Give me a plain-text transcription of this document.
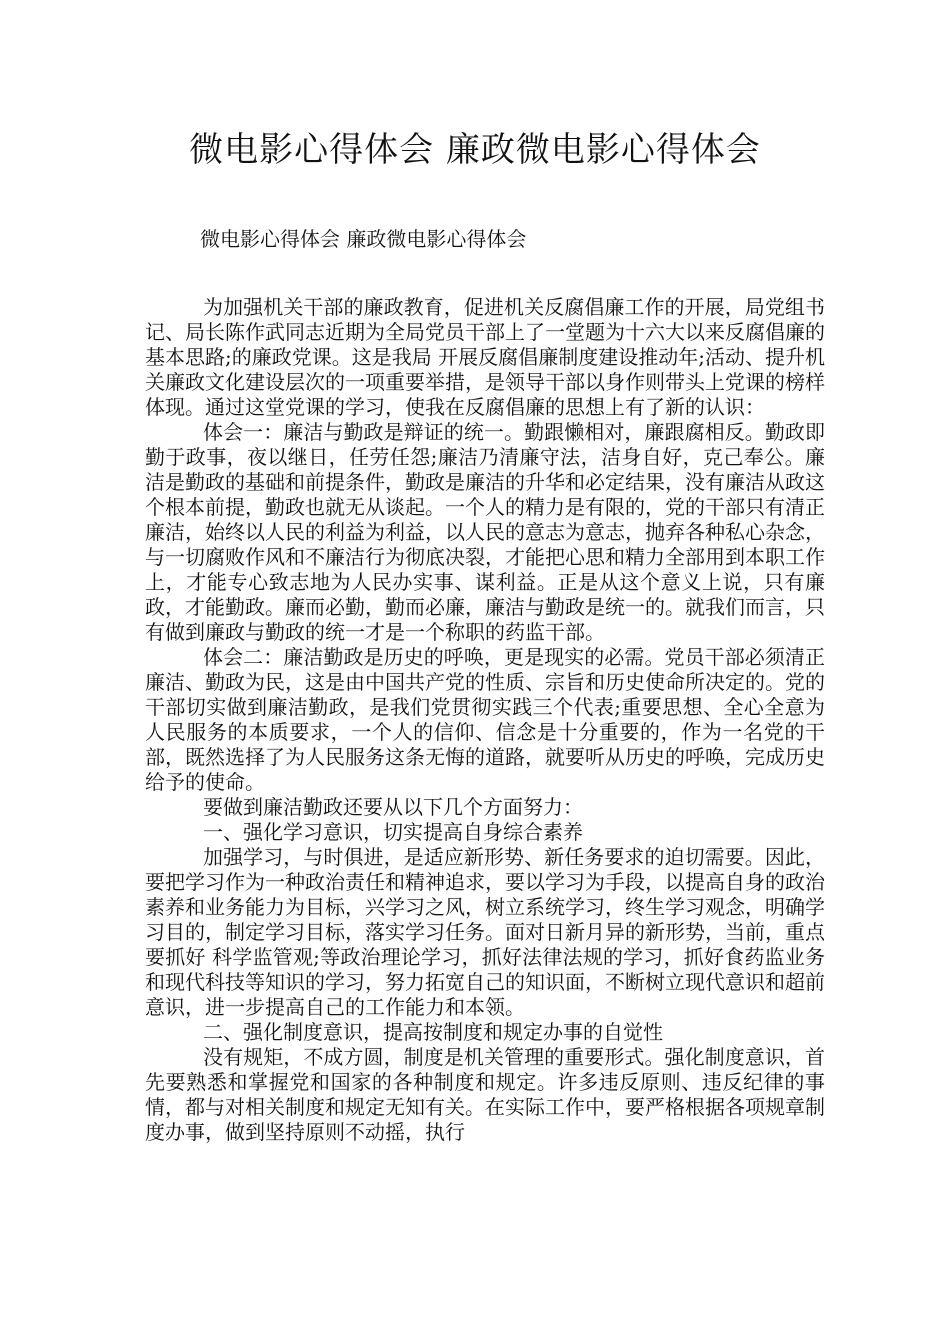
微电影心得体会 廉政微电影心得体会
微电影心得体会 廉政微电影心得体会

为加强机关干部的廉政教育，促进机关反腐倡廉工作的开展，局党组书记、局长陈作武同志近期为全局党员干部上了一堂题为十六大以来反腐倡廉的基本思路;的廉政党课。这是我局 开展反腐倡廉制度建设推动年;活动、提升机关廉政文化建设层次的一项重要举措，是领导干部以身作则带头上党课的榜样体现。通过这堂党课的学习，使我在反腐倡廉的思想上有了新的认识：

体会一：廉洁与勤政是辩证的统一。勤跟懒相对，廉跟腐相反。勤政即勤于政事，夜以继日，任劳任怨;廉洁乃清廉守法，洁身自好，克己奉公。廉洁是勤政的基础和前提条件，勤政是廉洁的升华和必定结果，没有廉洁从政这个根本前提，勤政也就无从谈起。一个人的精力是有限的，党的干部只有清正廉洁，始终以人民的利益为利益，以人民的意志为意志，抛弃各种私心杂念，与一切腐败作风和不廉洁行为彻底决裂，才能把心思和精力全部用到本职工作上，才能专心致志地为人民办实事、谋利益。正是从这个意义上说，只有廉政，才能勤政。廉而必勤，勤而必廉，廉洁与勤政是统一的。就我们而言，只有做到廉政与勤政的统一才是一个称职的药监干部。

体会二：廉洁勤政是历史的呼唤，更是现实的必需。党员干部必须清正廉洁、勤政为民，这是由中国共产党的性质、宗旨和历史使命所决定的。党的干部切实做到廉洁勤政，是我们党贯彻实践三个代表;重要思想、全心全意为人民服务的本质要求，一个人的信仰、信念是十分重要的，作为一名党的干部，既然选择了为人民服务这条无悔的道路，就要听从历史的呼唤，完成历史给予的使命。

要做到廉洁勤政还要从以下几个方面努力：

一、强化学习意识，切实提高自身综合素养

加强学习，与时俱进，是适应新形势、新任务要求的迫切需要。因此，要把学习作为一种政治责任和精神追求，要以学习为手段，以提高自身的政治素养和业务能力为目标，兴学习之风，树立系统学习，终生学习观念，明确学习目的，制定学习目标，落实学习任务。面对日新月异的新形势，当前，重点要抓好 科学监管观;等政治理论学习，抓好法律法规的学习，抓好食药监业务和现代科技等知识的学习，努力拓宽自己的知识面，不断树立现代意识和超前意识，进一步提高自己的工作能力和本领。

二、强化制度意识，提高按制度和规定办事的自觉性

没有规矩，不成方圆，制度是机关管理的重要形式。强化制度意识，首先要熟悉和掌握党和国家的各种制度和规定。许多违反原则、违反纪律的事情，都与对相关制度和规定无知有关。在实际工作中，要严格根据各项规章制度办事，做到坚持原则不动摇，执行
